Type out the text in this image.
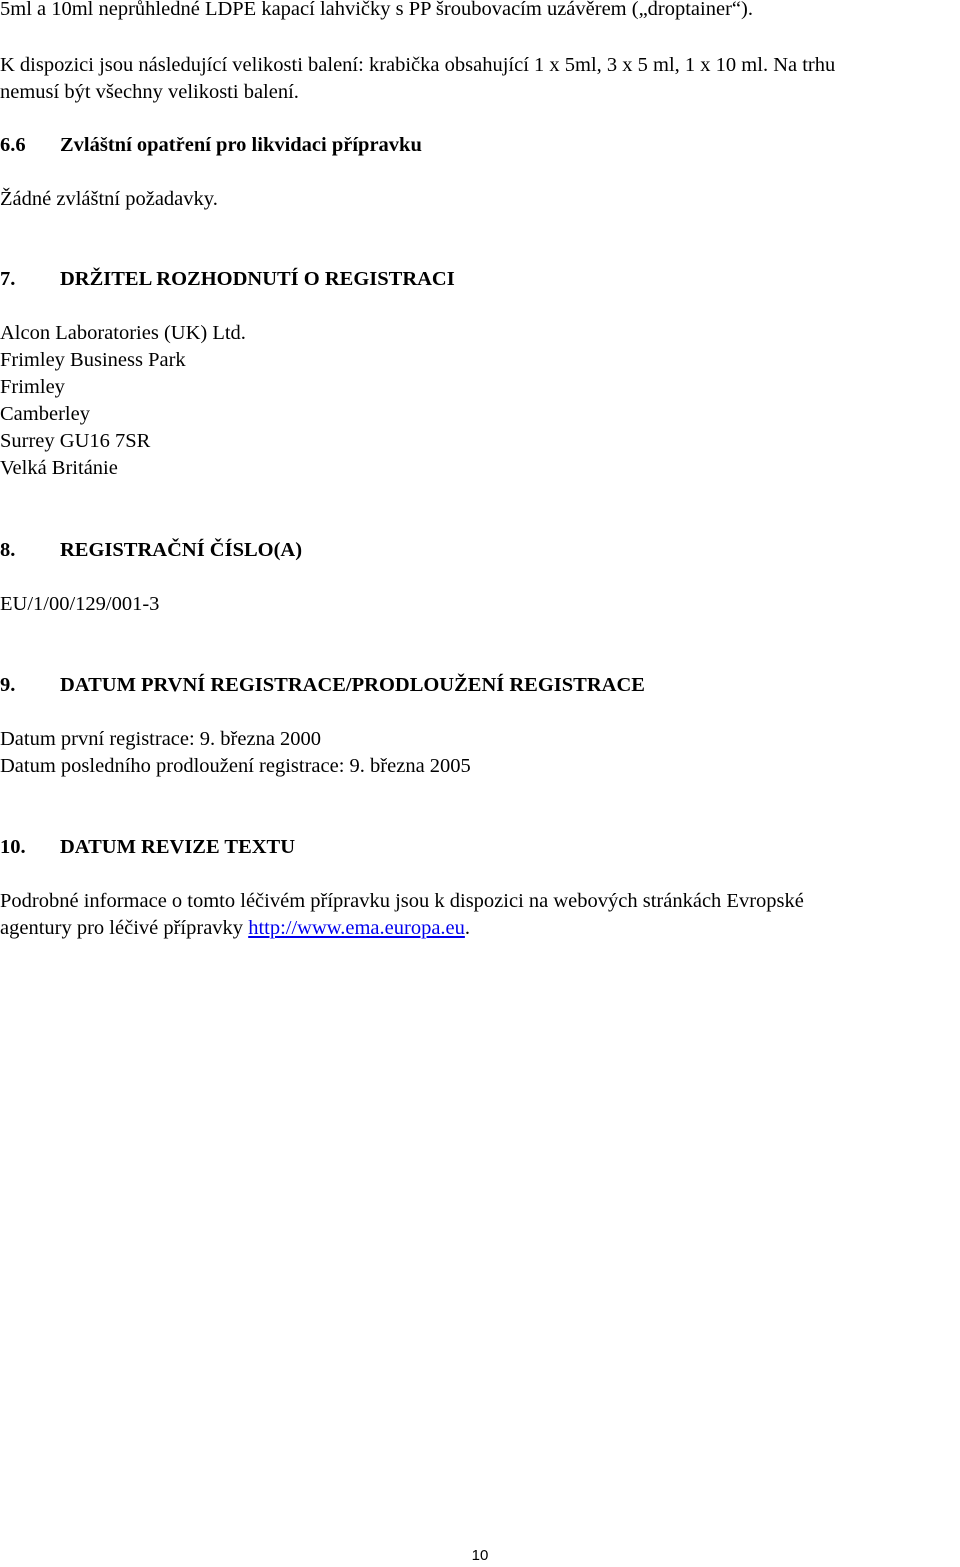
5ml a 10ml neprůhledné LDPE kapací lahvičky s PP šroubovacím uzávěrem („droptainer“).
K dispozici jsou následující velikosti balení: krabička obsahující 1 x 5ml, 3 x 5 ml, 1 x 10 ml. Na trhu
nemusí být všechny velikosti balení.
6.6 Zvláštní opatření pro likvidaci přípravku
Žádné zvláštní požadavky.
7. DRŽITEL ROZHODNUTÍ O REGISTRACI
Alcon Laboratories (UK) Ltd.
Frimley Business Park
Frimley
Camberley
Surrey GU16 7SR
Velká Británie
8. REGISTRAČNÍ ČÍSLO(A)
EU/1/00/129/001-3
9. DATUM PRVNÍ REGISTRACE/PRODLOUŽENÍ REGISTRACE
Datum první registrace: 9. března 2000
Datum posledního prodloužení registrace: 9. března 2005
10. DATUM REVIZE TEXTU
Podrobné informace o tomto léčivém přípravku jsou k dispozici na webových stránkách Evropské
agentury pro léčivé přípravky http://www.ema.europa.eu.
10
